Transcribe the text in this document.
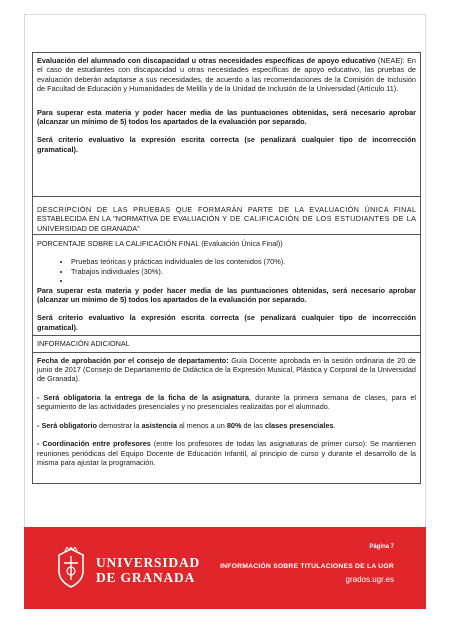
Evaluación del alumnado con discapacidad u otras necesidades específicas de apoyo educativo (NEAE): En el caso de estudiantes con discapacidad u otras necesidades específicas de apoyo educativo, las pruebas de evaluación deberán adaptarse a sus necesidades, de acuerdo a las recomendaciones de la Comisión de Inclusión de Facultad de Educación y Humanidades de Melilla y de la Unidad de Inclusión de la Universidad (Artículo 11).

Para superar esta materia y poder hacer media de las puntuaciones obtenidas, será necesario aprobar (alcanzar un mínimo de 5) todos los apartados de la evaluación por separado.

Será criterio evaluativo la expresión escrita correcta (se penalizará cualquier tipo de incorrección gramatical).

DESCRIPCIÓN DE LAS PRUEBAS QUE FORMARÁN PARTE DE LA EVALUACIÓN ÚNICA FINAL ESTABLECIDA EN LA "NORMATIVA DE EVALUACIÓN Y DE CALIFICACIÓN DE LOS ESTUDIANTES DE LA UNIVERSIDAD DE GRANADA"
PORCENTAJE SOBRE LA CALIFICACIÓN FINAL (Evaluación Única Final))
• Pruebas teóricas y prácticas individuales de los contenidos (70%).
• Trabajos individuales (30%).
•

Para superar esta materia y poder hacer media de las puntuaciones obtenidas, será necesario aprobar (alcanzar un mínimo de 5) todos los apartados de la evaluación por separado.

Será criterio evaluativo la expresión escrita correcta (se penalizará cualquier tipo de incorrección gramatical).

INFORMACIÓN ADICIONAL

Fecha de aprobación por el consejo de departamento: Guía Docente aprobada en la sesión ordinaria de 20 de junio de 2017 (Consejo de Departamento de Didáctica de la Expresión Musical, Plástica y Corporal de la Universidad de Granada).

- Será obligatoria la entrega de la ficha de la asignatura, durante la primera semana de clases, para el seguimiento de las actividades presenciales y no presenciales realizadas por el alumnado.

- Será obligatorio demostrar la asistencia al menos a un 80% de las clases presenciales.

- Coordinación entre profesores (entre los profesores de todas las asignaturas de primer curso): Se mantienen reuniones periódicas del Equipo Docente de Educación Infantil, al principio de curso y durante el desarrollo de la misma para ajustar la programación.

UNIVERSIDAD
DE GRANADA
Página 7
INFORMACIÓN SOBRE TITULACIONES DE LA UGR
grados.ugr.es
